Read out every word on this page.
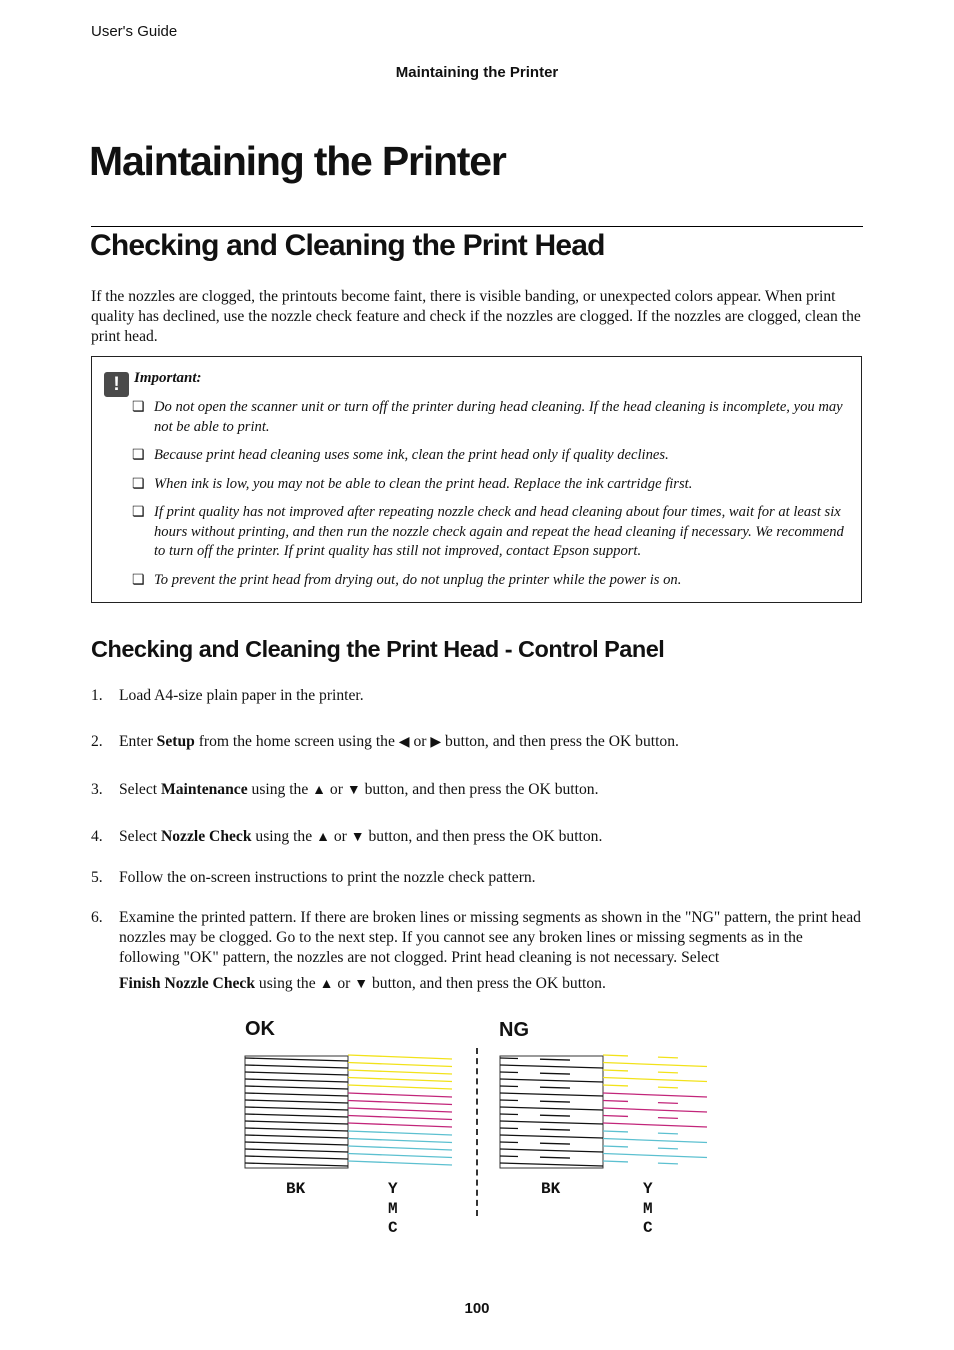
User's Guide
Maintaining the Printer
Maintaining the Printer
Checking and Cleaning the Print Head
If the nozzles are clogged, the printouts become faint, there is visible banding, or unexpected colors appear. When print quality has declined, use the nozzle check feature and check if the nozzles are clogged. If the nozzles are clogged, clean the print head.
! Important:
❏ Do not open the scanner unit or turn off the printer during head cleaning. If the head cleaning is incomplete, you may not be able to print.
❏ Because print head cleaning uses some ink, clean the print head only if quality declines.
❏ When ink is low, you may not be able to clean the print head. Replace the ink cartridge first.
❏ If print quality has not improved after repeating nozzle check and head cleaning about four times, wait for at least six hours without printing, and then run the nozzle check again and repeat the head cleaning if necessary. We recommend to turn off the printer. If print quality has still not improved, contact Epson support.
❏ To prevent the print head from drying out, do not unplug the printer while the power is on.
Checking and Cleaning the Print Head - Control Panel
1. Load A4-size plain paper in the printer.
2. Enter Setup from the home screen using the ◀ or ▶ button, and then press the OK button.
3. Select Maintenance using the ▲ or ▼ button, and then press the OK button.
4. Select Nozzle Check using the ▲ or ▼ button, and then press the OK button.
5. Follow the on-screen instructions to print the nozzle check pattern.
6. Examine the printed pattern. If there are broken lines or missing segments as shown in the "NG" pattern, the print head nozzles may be clogged. Go to the next step. If you cannot see any broken lines or missing segments as in the following "OK" pattern, the nozzles are not clogged. Print head cleaning is not necessary. Select
Finish Nozzle Check using the ▲ or ▼ button, and then press the OK button.
OK	NG
BK	Y
M
C
BK	Y
M
C
100
